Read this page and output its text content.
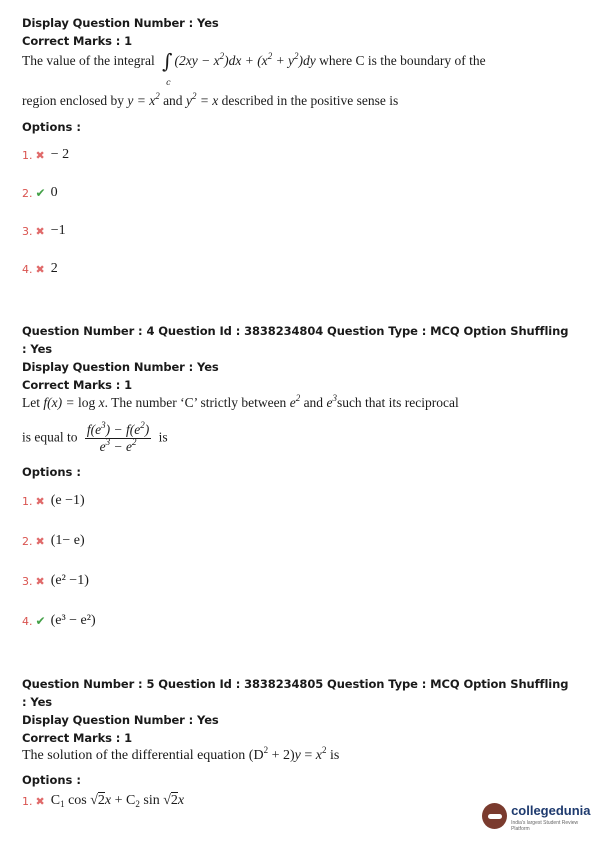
Display Question Number : Yes
Correct Marks : 1
The value of the integral ∫
c
$(2xy - x^2)dx + (x^2 + y^2)dy$ where C is the boundary of the
region enclosed by $y = x^2$ and $y^2 = x$ described in the positive sense is
Options :
1. ✖ − 2
2. ✔ 0
3. ✖ −1
4. ✖ 2
Question Number : 4 Question Id : 3838234804 Question Type : MCQ Option Shuffling : Yes
Display Question Number : Yes
Correct Marks : 1
Let f(x) = log x. The number ‘C’ strictly between $e^2$ and $e^3such$ that its reciprocal
is equal to $\frac{f(e^3) - f(e^2)}{e^3 - e^2}$ is
Options :
1. ✖ (e −1)
2. ✖ (1− e)
3. ✖ (e² −1)
4. ✔ (e³ − e²)
Question Number : 5 Question Id : 3838234805 Question Type : MCQ Option Shuffling : Yes
Display Question Number : Yes
Correct Marks : 1
The solution of the differential equation $(D^2 + 2)y = x^2$ is
Options :
1. ✖ $C_1$ $\cos √2x + C_2$ sin √2x
collegedunia
India's largest Student Review Platform
